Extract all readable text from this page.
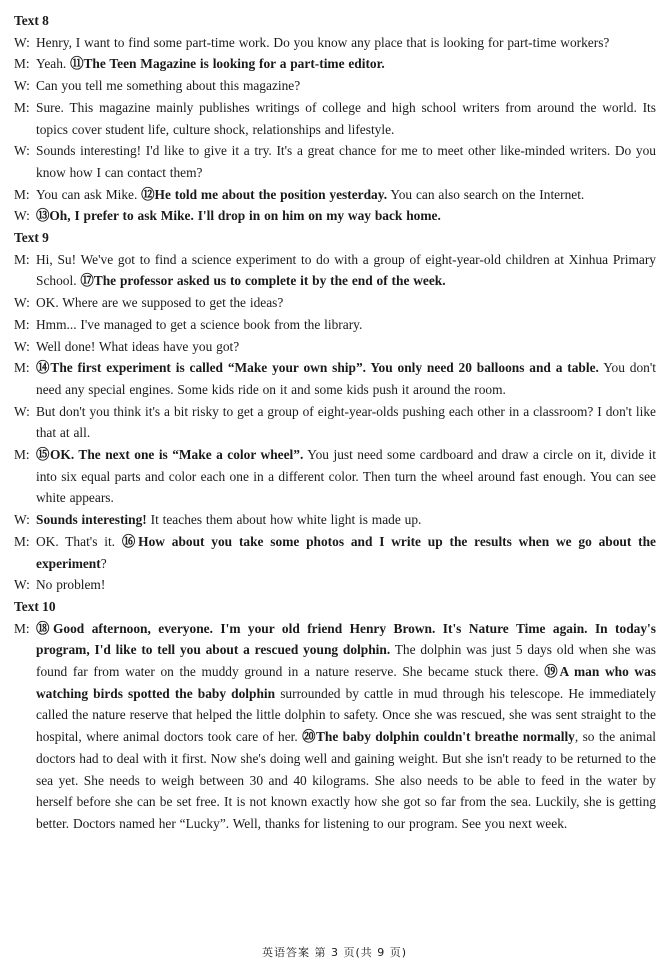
Text 8
W: Henry, I want to find some part-time work. Do you know any place that is looking for part-time workers?
M: Yeah. ⑪The Teen Magazine is looking for a part-time editor.
W: Can you tell me something about this magazine?
M: Sure. This magazine mainly publishes writings of college and high school writers from around the world. Its topics cover student life, culture shock, relationships and lifestyle.
W: Sounds interesting! I'd like to give it a try. It's a great chance for me to meet other like-minded writers. Do you know how I can contact them?
M: You can ask Mike. ⑫He told me about the position yesterday. You can also search on the Internet.
W: ⑬Oh, I prefer to ask Mike. I'll drop in on him on my way back home.
Text 9
M: Hi, Su! We've got to find a science experiment to do with a group of eight-year-old children at Xinhua Primary School. ⑰The professor asked us to complete it by the end of the week.
W: OK. Where are we supposed to get the ideas?
M: Hmm... I've managed to get a science book from the library.
W: Well done! What ideas have you got?
M: ⑭The first experiment is called “Make your own ship”. You only need 20 balloons and a table. You don't need any special engines. Some kids ride on it and some kids push it around the room.
W: But don't you think it's a bit risky to get a group of eight-year-olds pushing each other in a classroom? I don't like that at all.
M: ⑮OK. The next one is “Make a color wheel”. You just need some cardboard and draw a circle on it, divide it into six equal parts and color each one in a different color. Then turn the wheel around fast enough. You can see white appears.
W: Sounds interesting! It teaches them about how white light is made up.
M: OK. That's it. ⑯How about you take some photos and I write up the results when we go about the experiment?
W: No problem!
Text 10
M: ⑱Good afternoon, everyone. I'm your old friend Henry Brown. It's Nature Time again. In today's program, I'd like to tell you about a rescued young dolphin. The dolphin was just 5 days old when she was found far from water on the muddy ground in a nature reserve. She became stuck there. ⑲A man who was watching birds spotted the baby dolphin surrounded by cattle in mud through his telescope. He immediately called the nature reserve that helped the little dolphin to safety. Once she was rescued, she was sent straight to the hospital, where animal doctors took care of her. ⑳The baby dolphin couldn't breathe normally, so the animal doctors had to deal with it first. Now she's doing well and gaining weight. But she isn't ready to be returned to the sea yet. She needs to weigh between 30 and 40 kilograms. She also needs to be able to feed in the water by herself before she can be set free. It is not known exactly how she got so far from the sea. Luckily, she is getting better. Doctors named her “Lucky”. Well, thanks for listening to our program. See you next week.
英语答案 第 3 页(共 9 页)
